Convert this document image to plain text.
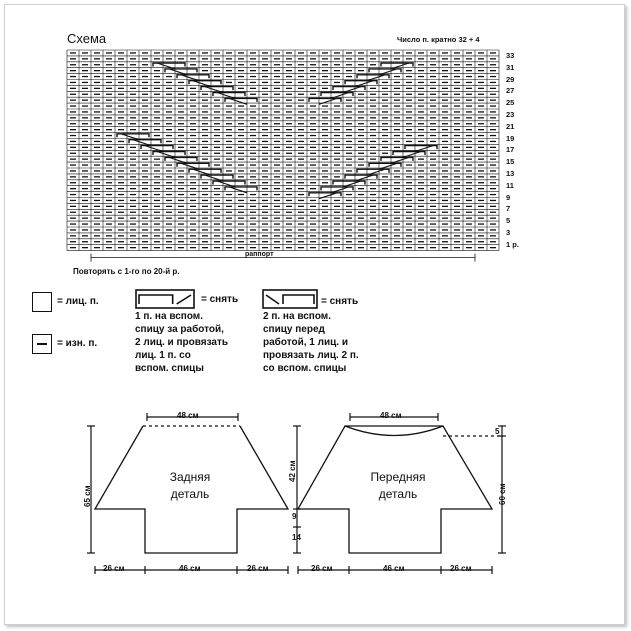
Схема	Число п. кратно 32 + 4
раппорт
Повторять с 1-го по 20-й р.
33
31
29
27
25
23
21
19
17
15
13
11
9
7
5
3
1 р.
= лиц. п.
= изн. п.
= снять
1 п. на вспом.
спицу за работой,
2 лиц. и провязать
лиц. 1 п. со
вспом. спицы
= снять
2 п. на вспом.
спицу перед
работой, 1 лиц. и
провязать лиц. 2 п.
со вспом. спицы
Задняя
деталь
48 см
65 см
42 см
9
14
26 см	46 см	26 см
Передняя
деталь
48 см
60 см
5
26 см	46 см	26 см
